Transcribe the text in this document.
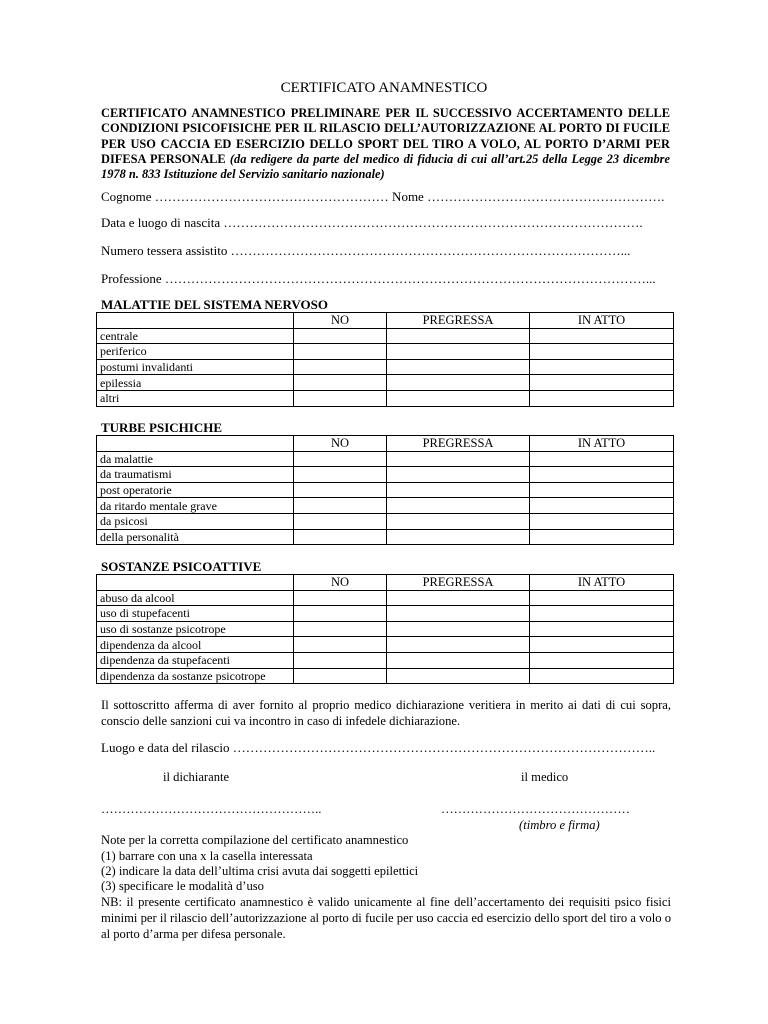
CERTIFICATO ANAMNESTICO
CERTIFICATO ANAMNESTICO PRELIMINARE PER IL SUCCESSIVO ACCERTAMENTO DELLE CONDIZIONI PSICOFISICHE PER IL RILASCIO DELL’AUTORIZZAZIONE AL PORTO DI FUCILE PER USO CACCIA ED ESERCIZIO DELLO SPORT DEL TIRO A VOLO, AL PORTO D’ARMI PER DIFESA PERSONALE (da redigere da parte del medico di fiducia di cui all’art.25 della Legge 23 dicembre 1978 n. 833 Istituzione del Servizio sanitario nazionale)
Cognome ……………………………………………… Nome ……………………………………………….
Data e luogo di nascita …………………………………………………………………………………….
Numero tessera assistito ………………………………………………………………………………...
Professione …………………………………………………………………………………………………...
MALATTIE DEL SISTEMA NERVOSO
	NO	PREGRESSA	IN ATTO
centrale			
periferico			
postumi invalidanti			
epilessia			
altri			
TURBE PSICHICHE
	NO	PREGRESSA	IN ATTO
da malattie			
da traumatismi			
post operatorie			
da ritardo mentale grave			
da psicosi			
della personalità			
SOSTANZE PSICOATTIVE
	NO	PREGRESSA	IN ATTO
abuso da alcool			
uso di stupefacenti			
uso di sostanze psicotrope			
dipendenza da alcool			
dipendenza da stupefacenti			
dipendenza da sostanze psicotrope			
Il sottoscritto afferma di aver fornito al proprio medico dichiarazione veritiera in merito ai dati di cui sopra, conscio delle sanzioni cui va incontro in caso di infedele dichiarazione.
Luogo e data del rilascio ……………………………………………………………………………………..
il dichiarante	il medico
……………………………………………..	………………………………………
(timbro e firma)
Note per la corretta compilazione del certificato anamnestico
(1) barrare con una x la casella interessata
(2) indicare la data dell’ultima crisi avuta dai soggetti epilettici
(3) specificare le modalità d’uso
NB: il presente certificato anamnestico è valido unicamente al fine dell’accertamento dei requisiti psico fisici minimi per il rilascio dell’autorizzazione al porto di fucile per uso caccia ed esercizio dello sport del tiro a volo o al porto d’arma per difesa personale.
